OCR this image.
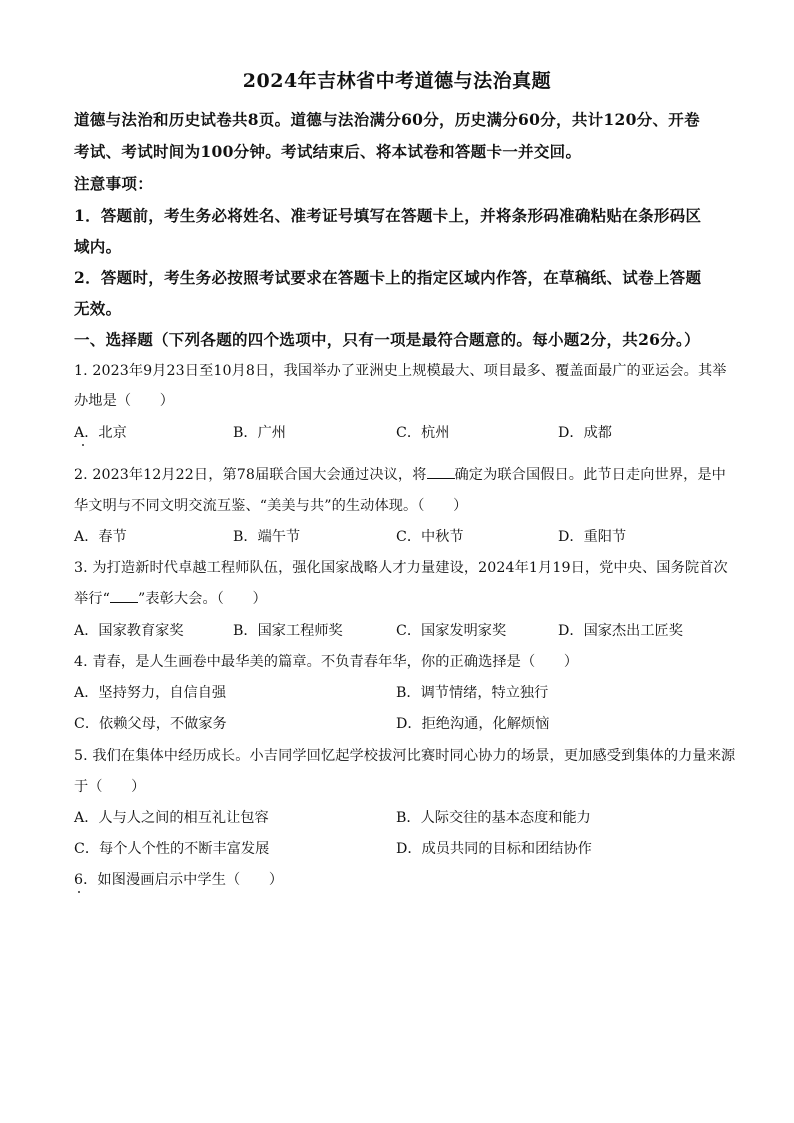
2024年吉林省中考道德与法治真题
道德与法治和历史试卷共8页。道德与法治满分60分，历史满分60分，共计120分、开卷
考试、考试时间为100分钟。考试结束后、将本试卷和答题卡一并交回。
注意事项：
1．答题前，考生务必将姓名、准考证号填写在答题卡上，并将条形码准确粘贴在条形码区
域内。
2．答题时，考生务必按照考试要求在答题卡上的指定区域内作答，在草稿纸、试卷上答题
无效。
一、选择题（下列各题的四个选项中，只有一项是最符合题意的。每小题2分，共26分。）
1. 2023年9月23日至10月8日，我国举办了亚洲史上规模最大、项目最多、覆盖面最广的亚运会。其举
办地是（　　）
A．北京	B．广州	C．杭州	D．成都
2. 2023年12月22日，第78届联合国大会通过决议，将 确定为联合国假日。此节日走向世界，是中
华文明与不同文明交流互鉴、“美美与共”的生动体现。（　　）
A．春节	B．端午节	C．中秋节	D．重阳节
3. 为打造新时代卓越工程师队伍，强化国家战略人才力量建设，2024年1月19日，党中央、国务院首次
举行“ ”表彰大会。（　　）
A．国家教育家奖	B．国家工程师奖	C．国家发明家奖	D．国家杰出工匠奖
4. 青春，是人生画卷中最华美的篇章。不负青春年华，你的正确选择是（　　）
A．坚持努力，自信自强	B．调节情绪，特立独行
C．依赖父母，不做家务	D．拒绝沟通，化解烦恼
5. 我们在集体中经历成长。小吉同学回忆起学校拔河比赛时同心协力的场景，更加感受到集体的力量来源
于（　　）
A．人与人之间的相互礼让包容	B．人际交往的基本态度和能力
C．每个人个性的不断丰富发展	D．成员共同的目标和团结协作
6．如图漫画启示中学生（　　）
